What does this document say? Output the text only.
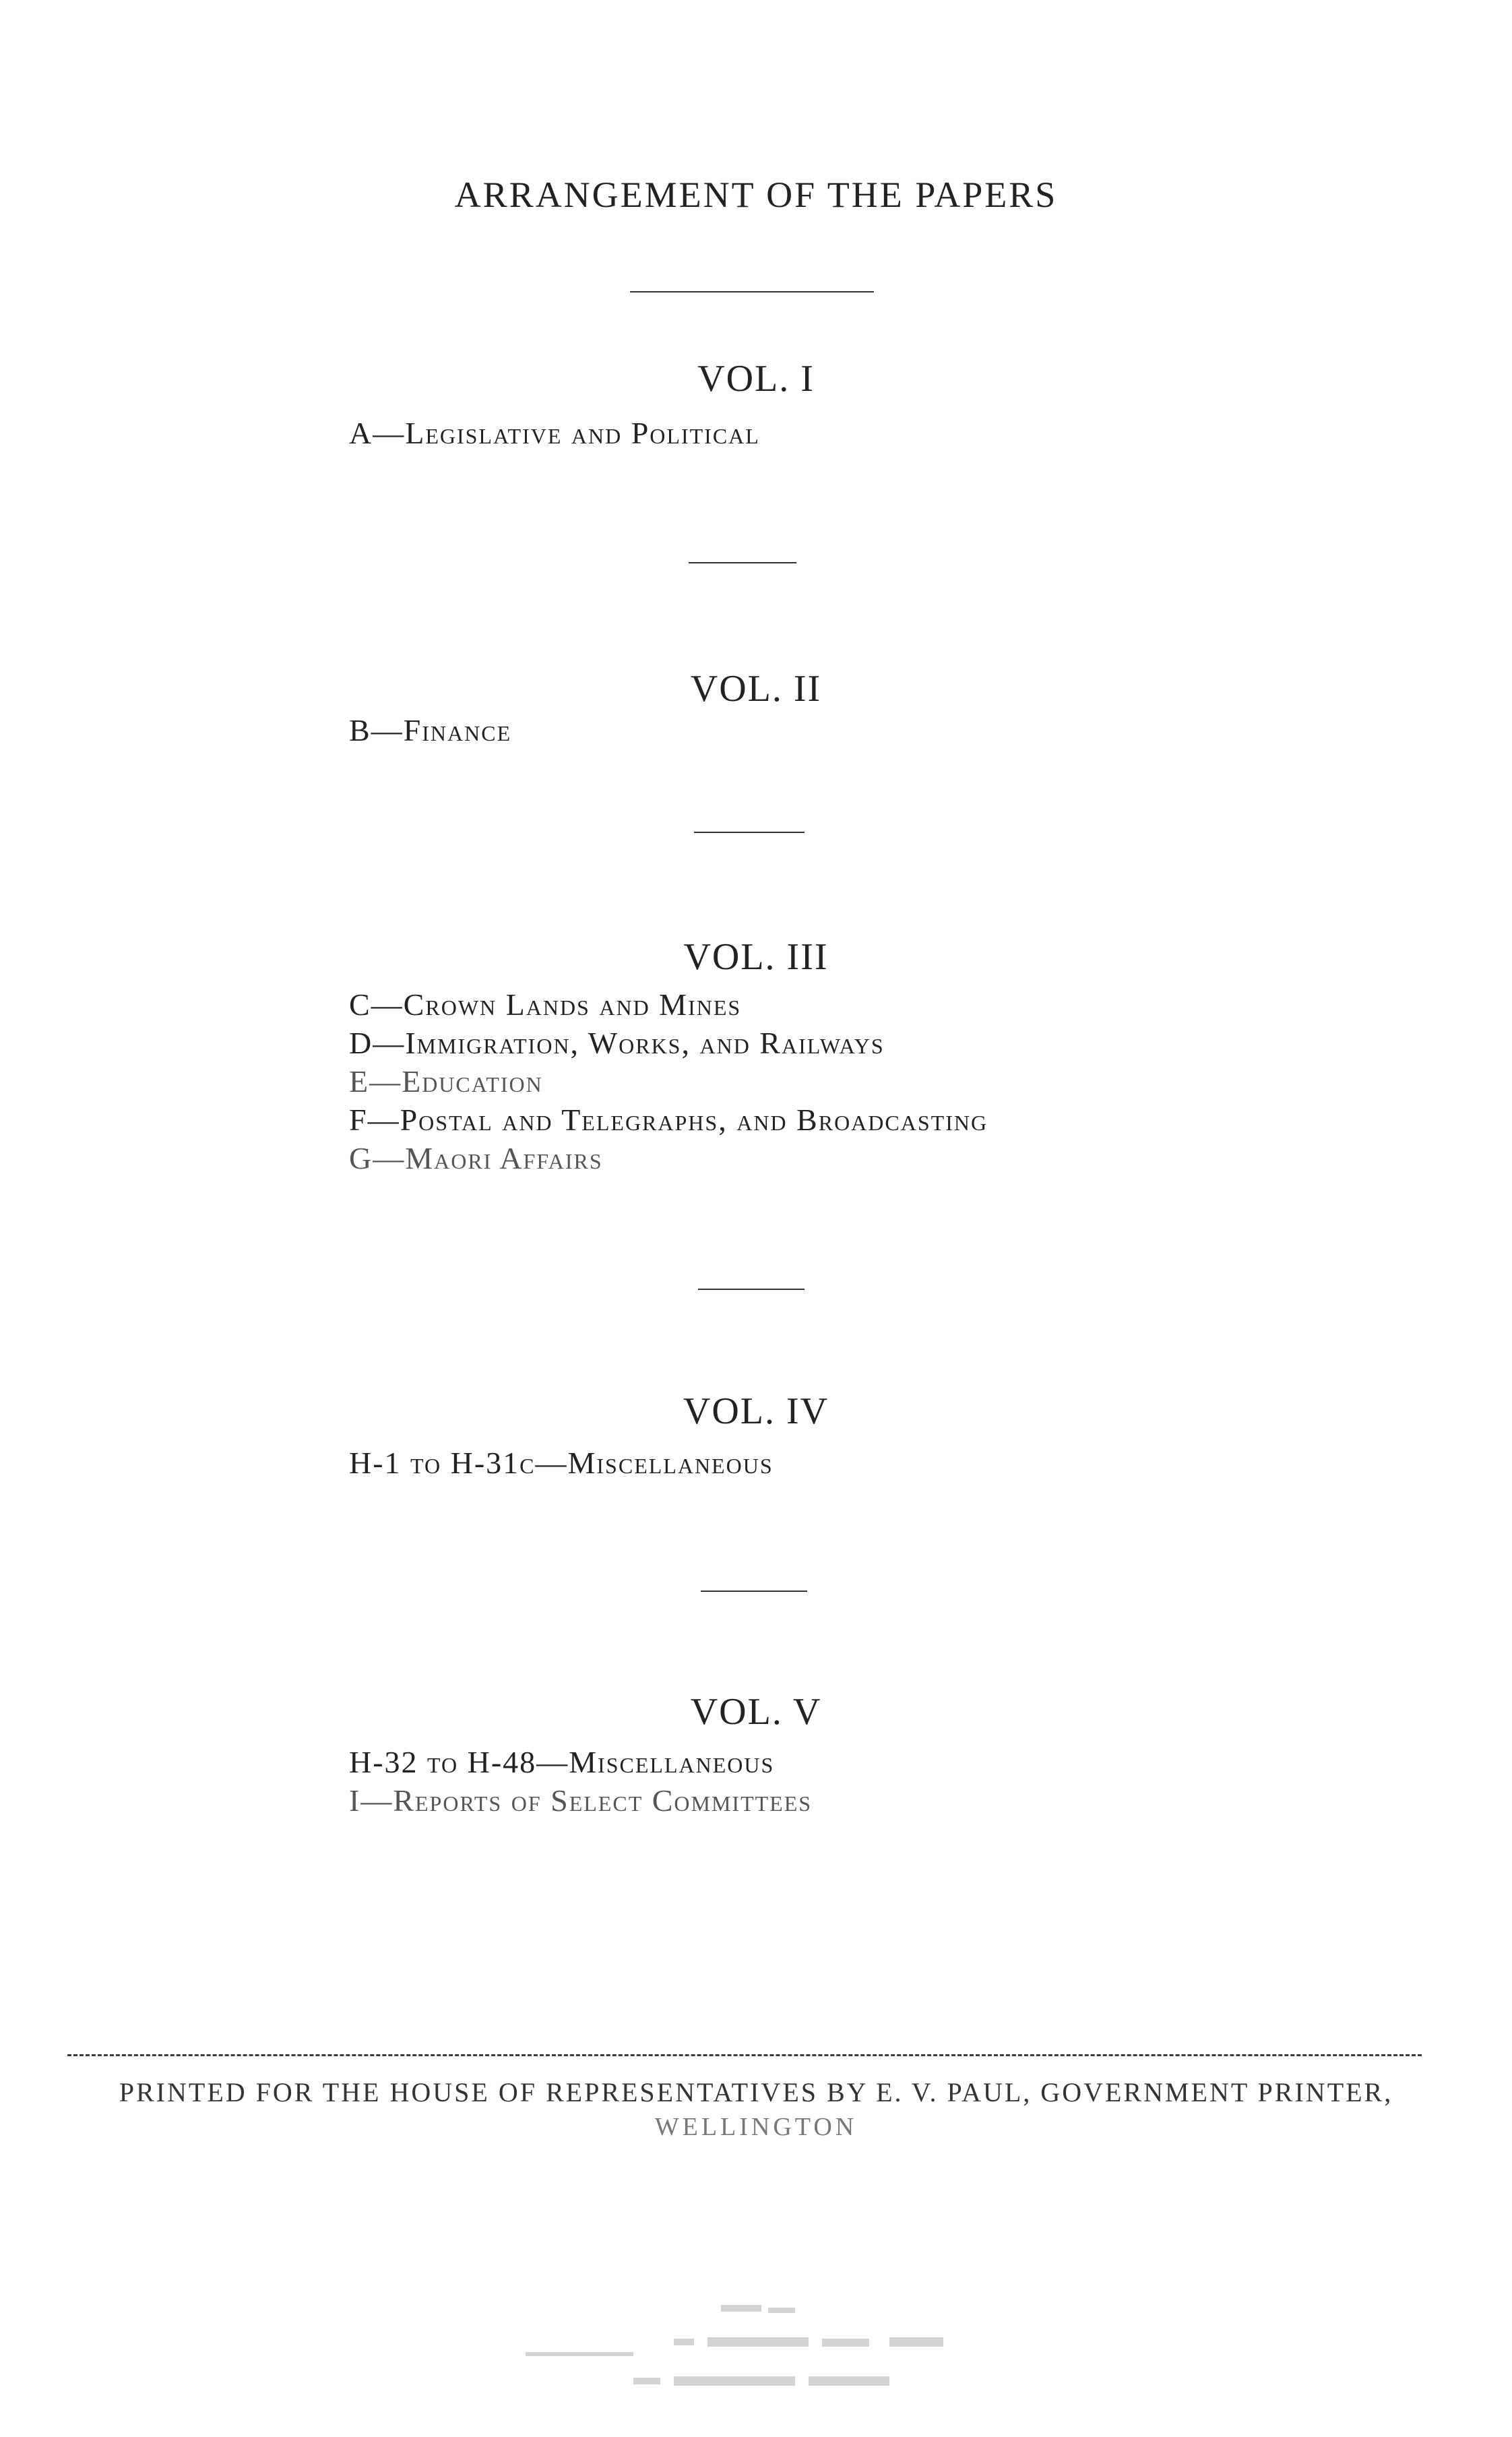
ARRANGEMENT OF THE PAPERS
VOL. I
A—Legislative and Political
VOL. II
B—Finance
VOL. III
C—Crown Lands and Mines
D—Immigration, Works, and Railways
E—Education
F—Postal and Telegraphs, and Broadcasting
G—Maori Affairs
VOL. IV
H-1 to H-31c—Miscellaneous
VOL. V
H-32 to H-48—Miscellaneous
I—Reports of Select Committees
PRINTED FOR THE HOUSE OF REPRESENTATIVES BY E. V. PAUL, GOVERNMENT PRINTER,
WELLINGTON
